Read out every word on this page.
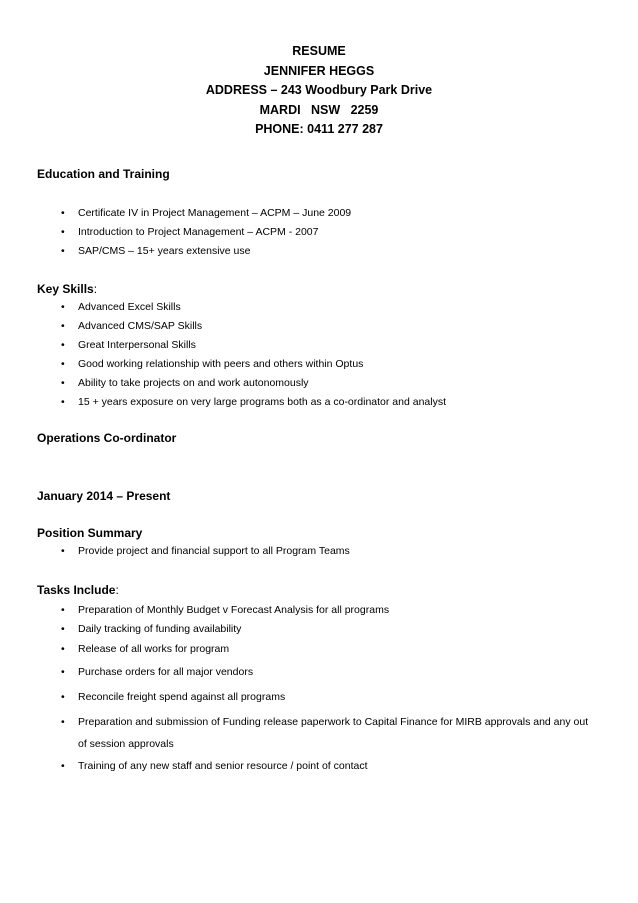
RESUME
JENNIFER HEGGS
ADDRESS – 243 Woodbury Park Drive
MARDI   NSW   2259
PHONE: 0411 277 287
Education and Training
• Certificate IV in Project Management – ACPM – June 2009
• Introduction to Project Management – ACPM - 2007
• SAP/CMS – 15+ years extensive use
Key Skills:
• Advanced Excel Skills
• Advanced CMS/SAP Skills
• Great Interpersonal Skills
• Good working relationship with peers and others within Optus
• Ability to take projects on and work autonomously
• 15 + years exposure on very large programs both as a co-ordinator and analyst
Operations Co-ordinator
January 2014 – Present
Position Summary
• Provide project and financial support to all Program Teams
Tasks Include:
• Preparation of Monthly Budget v Forecast Analysis for all programs
• Daily tracking of funding availability
• Release of all works for program
• Purchase orders for all major vendors
• Reconcile freight spend against all programs
• Preparation and submission of Funding release paperwork to Capital Finance for MIRB approvals and any out of session approvals
• Training of any new staff and senior resource / point of contact
